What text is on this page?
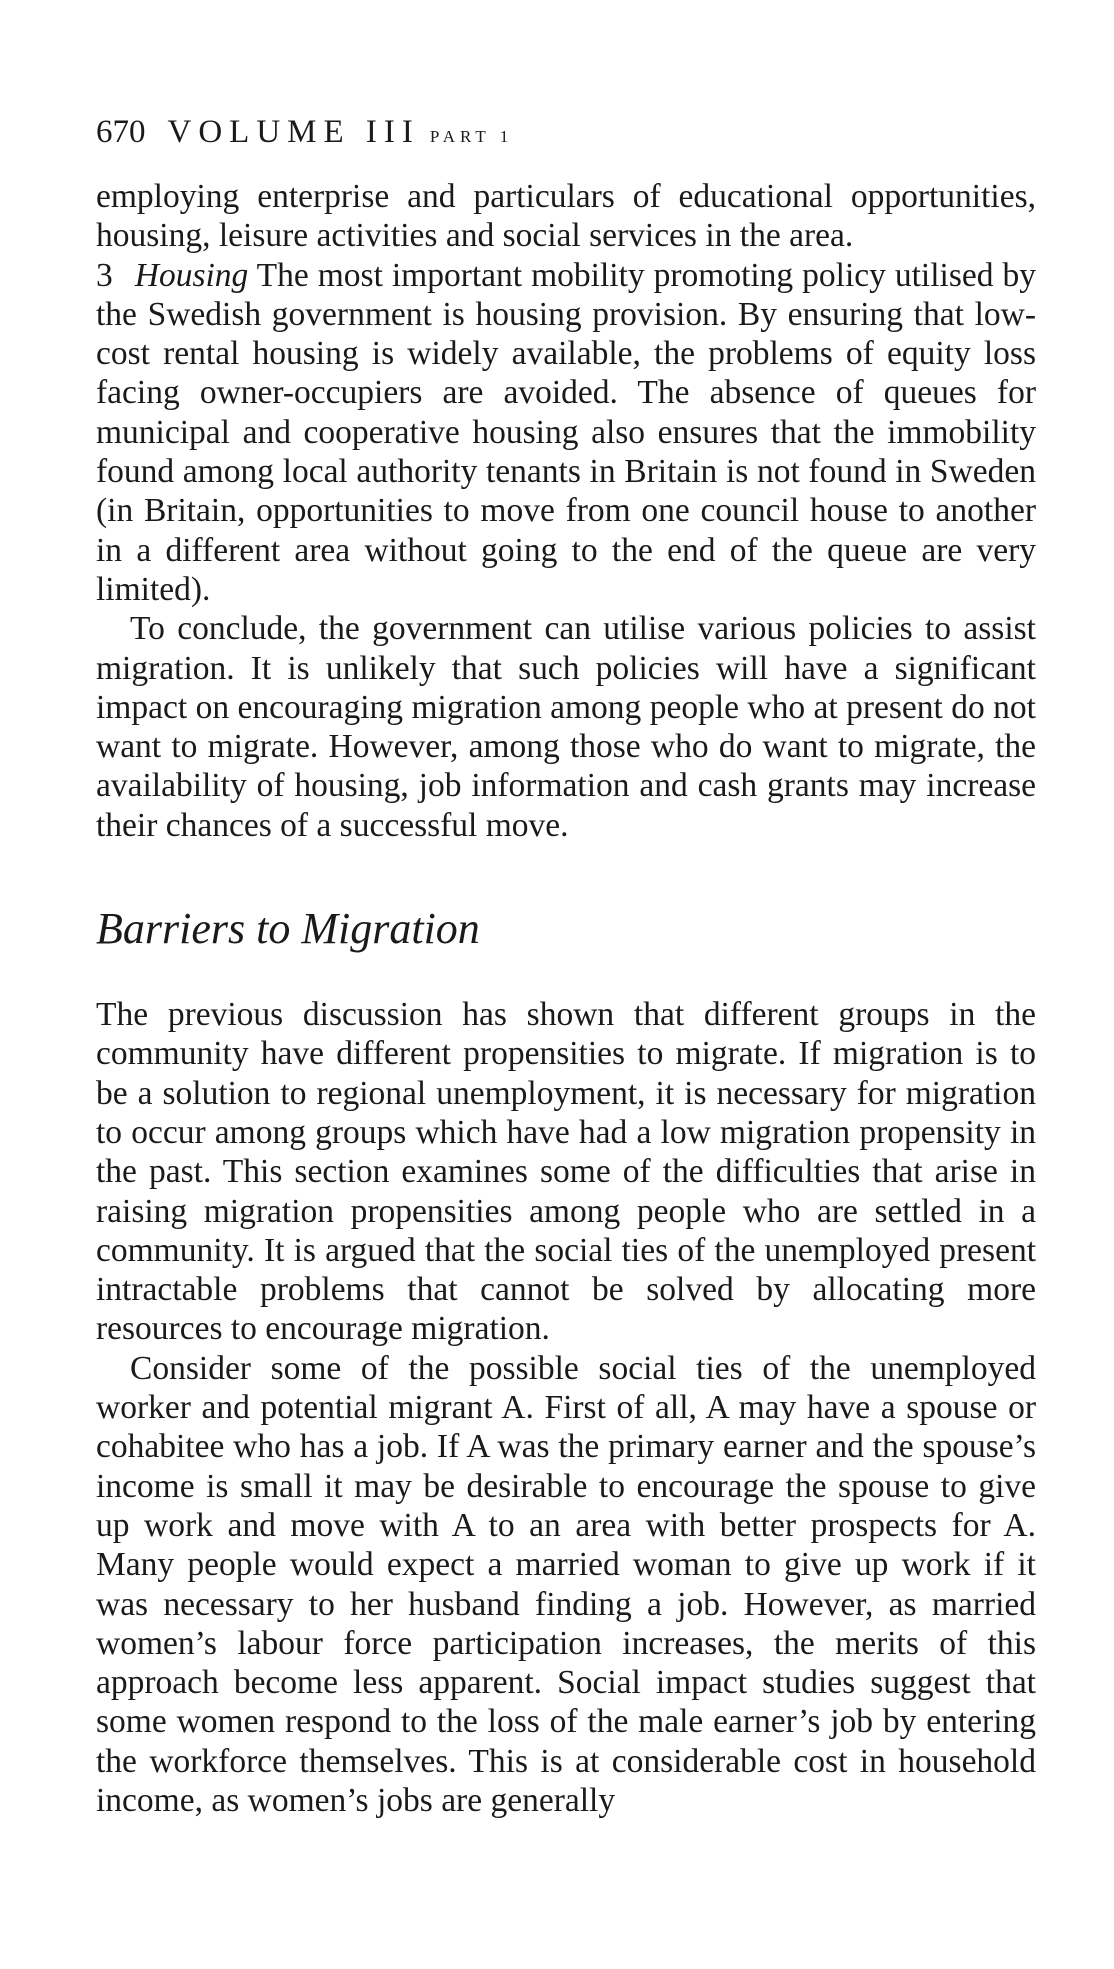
670 VOLUME III PART 1

employing enterprise and particulars of educational opportunities, housing, leisure activities and social services in the area.

3 Housing The most important mobility promoting policy utilised by the Swedish government is housing provision. By ensuring that low-cost rental housing is widely available, the problems of equity loss facing owner-occupiers are avoided. The absence of queues for municipal and cooperative housing also ensures that the immobility found among local authority tenants in Britain is not found in Sweden (in Britain, opportunities to move from one council house to another in a different area without going to the end of the queue are very limited).

To conclude, the government can utilise various policies to assist migration. It is unlikely that such policies will have a significant impact on encouraging migration among people who at present do not want to migrate. However, among those who do want to migrate, the availability of housing, job information and cash grants may increase their chances of a successful move.

Barriers to Migration

The previous discussion has shown that different groups in the community have different propensities to migrate. If migration is to be a solution to regional unemployment, it is necessary for migration to occur among groups which have had a low migration propensity in the past. This section examines some of the difficulties that arise in raising migration propensities among people who are settled in a community. It is argued that the social ties of the unemployed present intractable problems that cannot be solved by allocating more resources to encourage migration.

Consider some of the possible social ties of the unemployed worker and potential migrant A. First of all, A may have a spouse or cohabitee who has a job. If A was the primary earner and the spouse’s income is small it may be desirable to encourage the spouse to give up work and move with A to an area with better prospects for A. Many people would expect a married woman to give up work if it was necessary to her husband finding a job. However, as married women’s labour force participation increases, the merits of this approach become less apparent. Social impact studies suggest that some women respond to the loss of the male earner’s job by entering the workforce themselves. This is at considerable cost in household income, as women’s jobs are generally
